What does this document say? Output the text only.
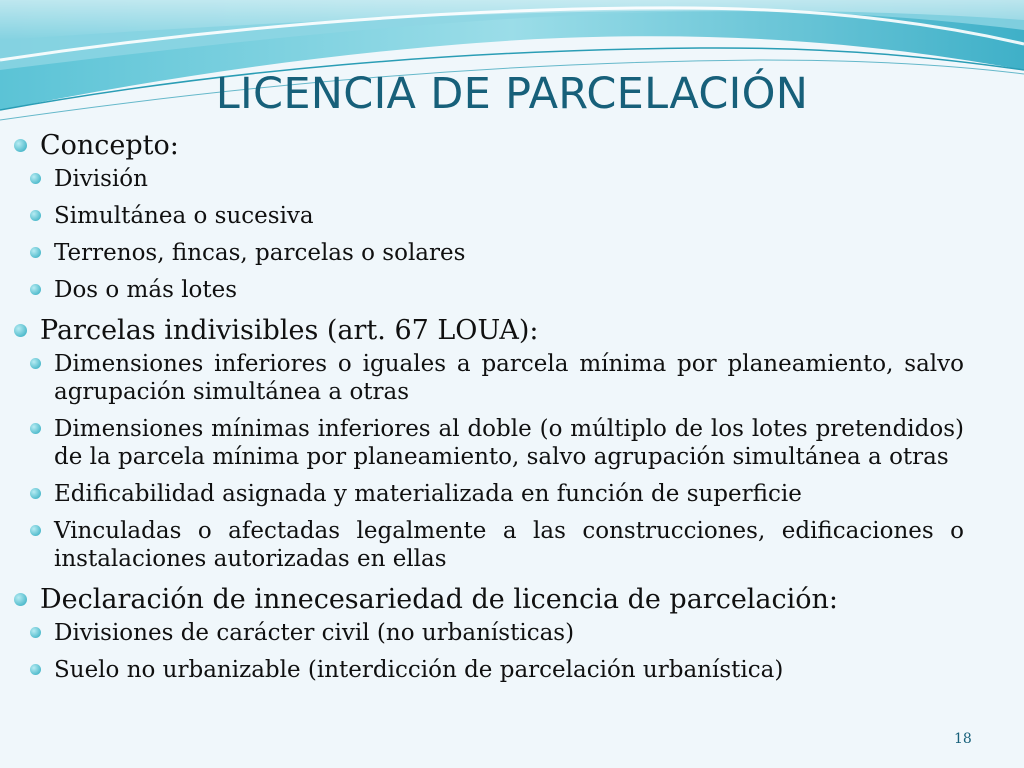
LICENCIA DE PARCELACIÓN
Concepto:
División
Simultánea o sucesiva
Terrenos, fincas, parcelas o solares
Dos o más lotes
Parcelas indivisibles (art. 67 LOUA):
Dimensiones inferiores o iguales a parcela mínima por planeamiento, salvo agrupación simultánea a otras
Dimensiones mínimas inferiores al doble (o múltiplo de los lotes pretendidos) de la parcela mínima por planeamiento, salvo agrupación simultánea a otras
Edificabilidad asignada y materializada en función de superficie
Vinculadas o afectadas legalmente a las construcciones, edificaciones o instalaciones autorizadas en ellas
Declaración de innecesariedad de licencia de parcelación:
Divisiones de carácter civil (no urbanísticas)
Suelo no urbanizable (interdicción de parcelación urbanística)
18
